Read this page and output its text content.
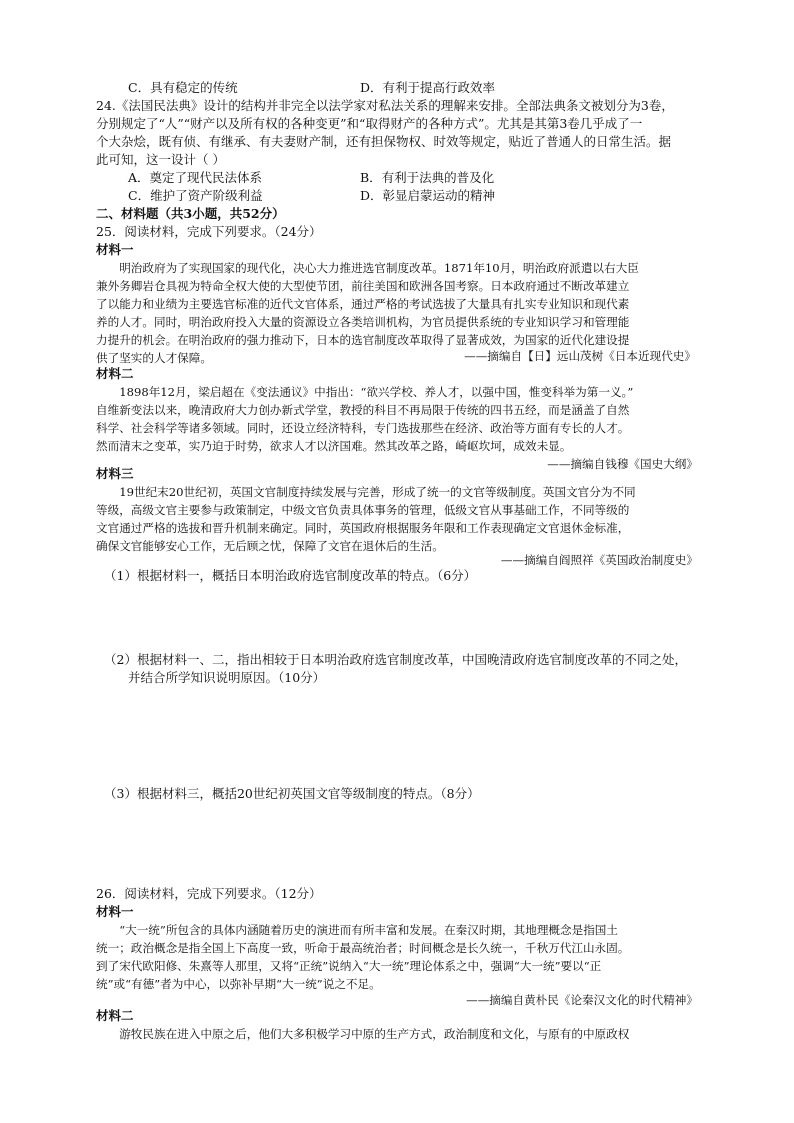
C．具有稳定的传统	D．有利于提高行政效率
24.《法国民法典》设计的结构并非完全以法学家对私法关系的理解来安排。全部法典条文被划分为3卷，
分别规定了“人”“财产以及所有权的各种变更”和“取得财产的各种方式”。尤其是其第3卷几乎成了一
个大杂烩，既有侦、有继承、有夫妻财产制，还有担保物权、时效等规定，贴近了普通人的日常生活。据
此可知，这一设计（ ）
A．奠定了现代民法体系	B．有利于法典的普及化
C．维护了资产阶级利益	D．彰显启蒙运动的精神
二、材料题（共3小题，共52分）
25．阅读材料，完成下列要求。（24分）
材料一
明治政府为了实现国家的现代化，决心大力推进选官制度改革。1871年10月，明治政府派遣以右大臣
兼外务卿岩仓具视为特命全权大使的大型使节团，前往美国和欧洲各国考察。日本政府通过不断改革建立
了以能力和业绩为主要选官标准的近代文官体系，通过严格的考试选拔了大量具有扎实专业知识和现代素
养的人才。同时，明治政府投入大量的资源设立各类培训机构，为官员提供系统的专业知识学习和管理能
力提升的机会。在明治政府的强力推动下，日本的选官制度改革取得了显著成效，为国家的近代化建设提
供了坚实的人才保障。	——摘编自【日】远山茂树《日本近现代史》
材料二
1898年12月，梁启超在《变法通议》中指出：“欲兴学校、养人才，以强中国，惟变科举为第一义。”
自维新变法以来，晚清政府大力创办新式学堂，教授的科目不再局限于传统的四书五经，而是涵盖了自然
科学、社会科学等诸多领域。同时，还设立经济特科，专门选拔那些在经济、政治等方面有专长的人才。
然而清末之变革，实乃迫于时势，欲求人才以济国难。然其改革之路，崎岖坎坷，成效未显。
——摘编自钱穆《国史大纲》
材料三
19世纪末20世纪初，英国文官制度持续发展与完善，形成了统一的文官等级制度。英国文官分为不同
等级，高级文官主要参与政策制定，中级文官负责具体事务的管理，低级文官从事基础工作，不同等级的
文官通过严格的选拔和晋升机制来确定。同时，英国政府根据服务年限和工作表现确定文官退休金标准，
确保文官能够安心工作，无后顾之忧，保障了文官在退休后的生活。
——摘编自阎照祥《英国政治制度史》
（1）根据材料一，概括日本明治政府选官制度改革的特点。（6分）
（2）根据材料一、二，指出相较于日本明治政府选官制度改革，中国晚清政府选官制度改革的不同之处，
并结合所学知识说明原因。（10分）
（3）根据材料三，概括20世纪初英国文官等级制度的特点。（8分）
26．阅读材料，完成下列要求。（12分）
材料一
“大一统”所包含的具体内涵随着历史的演进而有所丰富和发展。在秦汉时期，其地理概念是指国土
统一；政治概念是指全国上下高度一致，听命于最高统治者；时间概念是长久统一，千秋万代江山永固。
到了宋代欧阳修、朱熹等人那里，又将“正统”说纳入“大一统”理论体系之中，强调“大一统”要以“正
统”或“有德”者为中心，以弥补早期“大一统”说之不足。
——摘编自黄朴民《论秦汉文化的时代精神》
材料二
游牧民族在进入中原之后，他们大多积极学习中原的生产方式，政治制度和文化，与原有的中原政权
